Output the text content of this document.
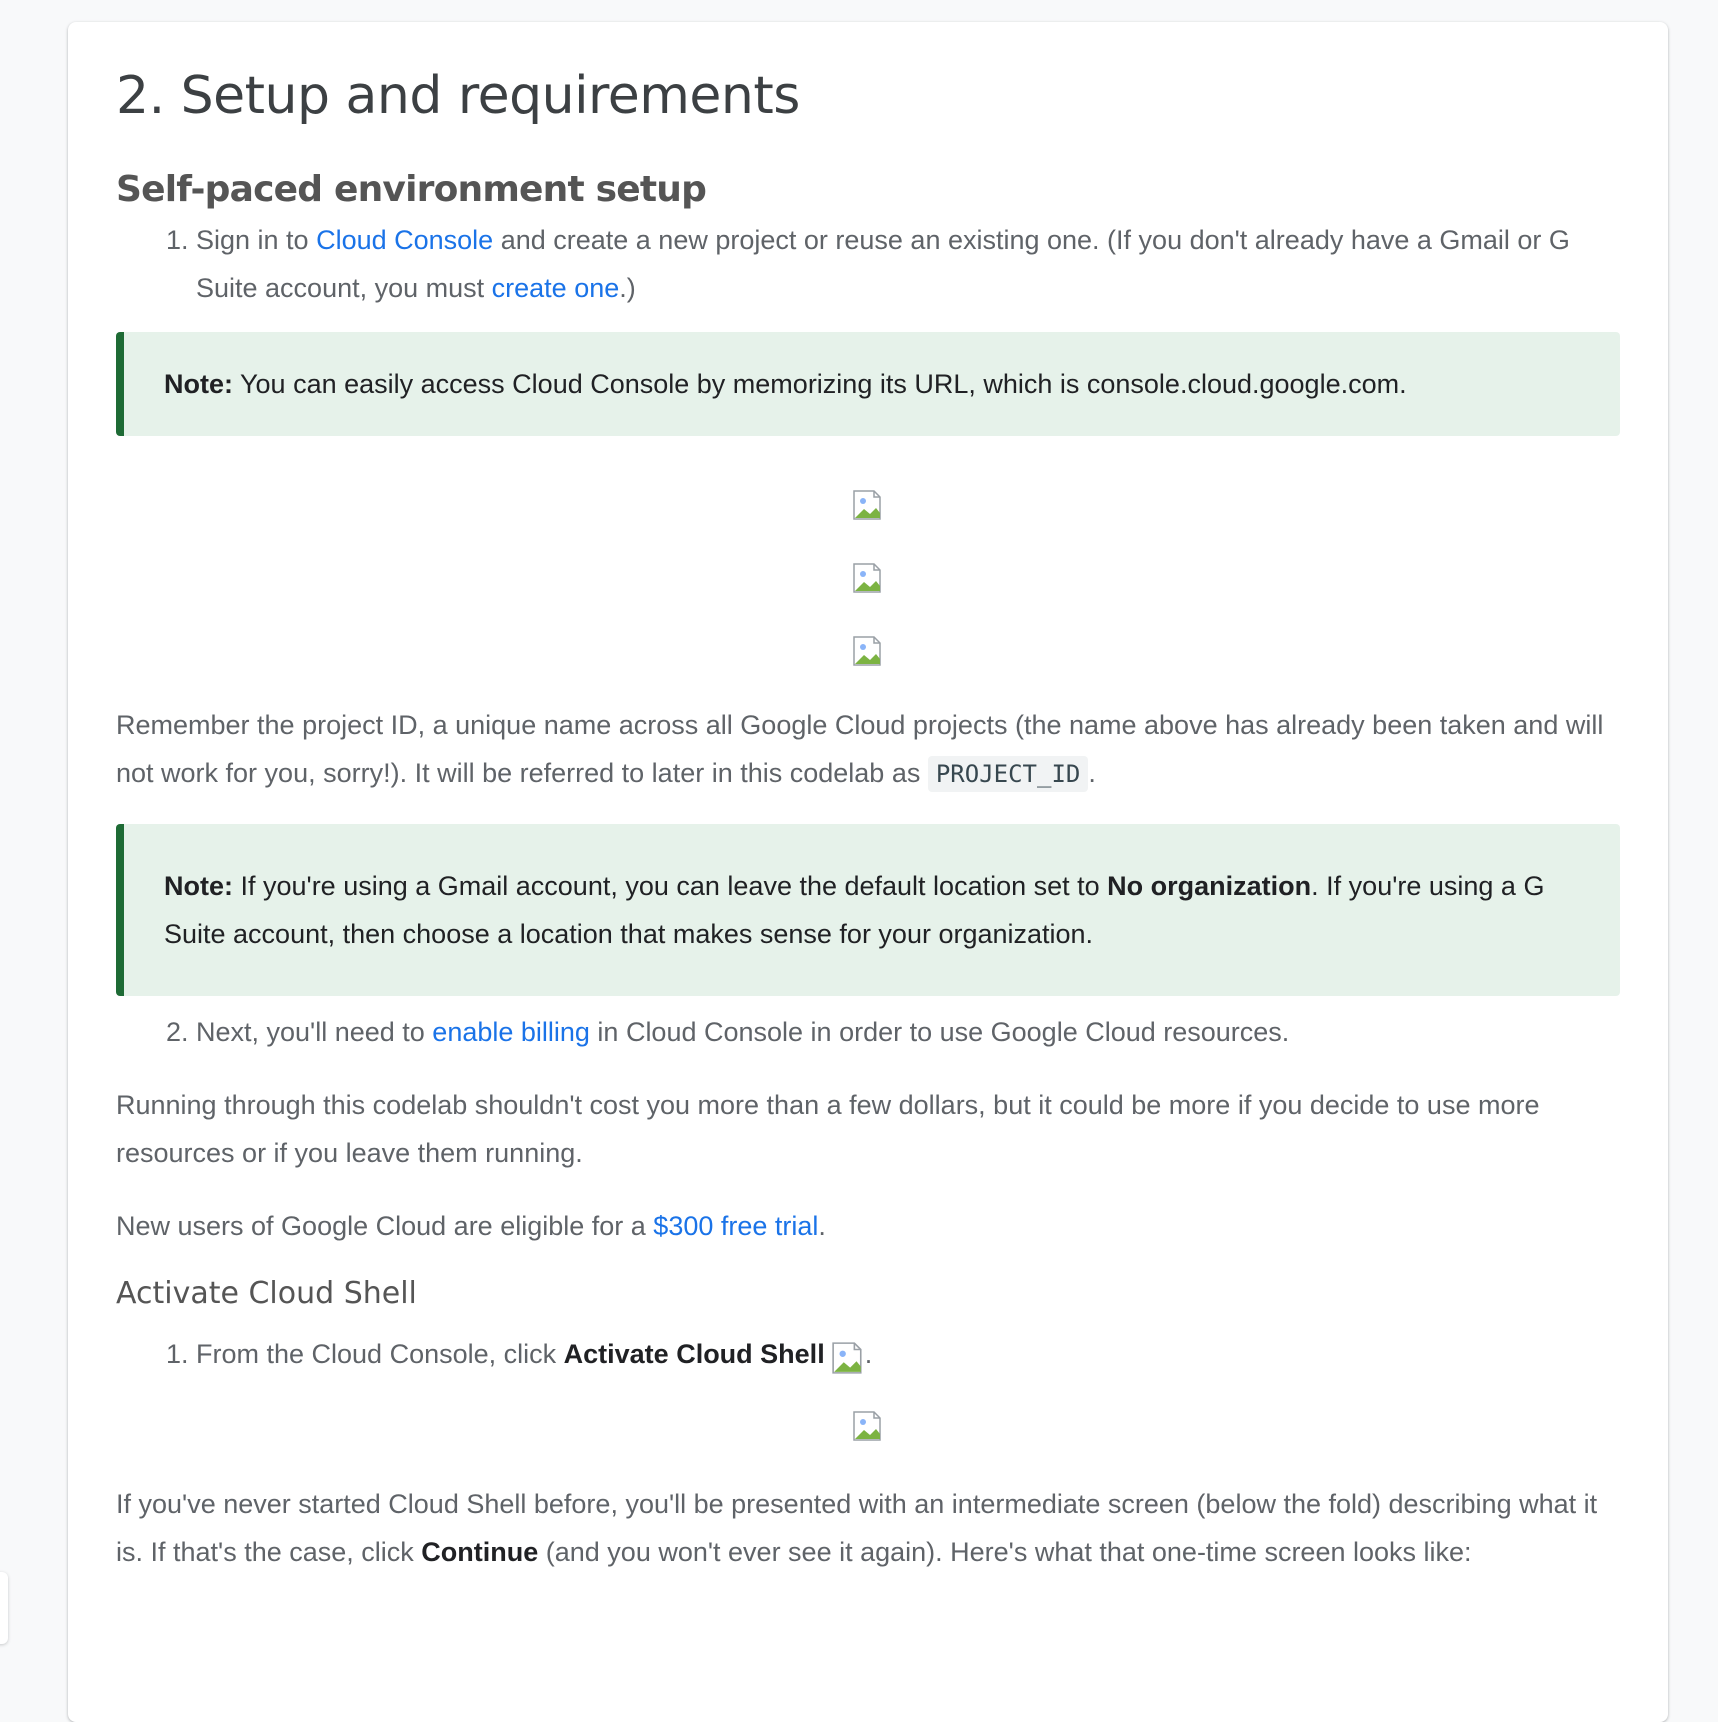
2. Setup and requirements
Self-paced environment setup
1. Sign in to Cloud Console and create a new project or reuse an existing one. (If you don't already have a Gmail or G Suite account, you must create one.)
Note: You can easily access Cloud Console by memorizing its URL, which is console.cloud.google.com.

Remember the project ID, a unique name across all Google Cloud projects (the name above has already been taken and will not work for you, sorry!). It will be referred to later in this codelab as PROJECT_ID .

Note: If you're using a Gmail account, you can leave the default location set to No organization. If you're using a G Suite account, then choose a location that makes sense for your organization.
2. Next, you'll need to enable billing in Cloud Console in order to use Google Cloud resources.

Running through this codelab shouldn't cost you more than a few dollars, but it could be more if you decide to use more resources or if you leave them running.

New users of Google Cloud are eligible for a $300 free trial.

Activate Cloud Shell
1. From the Cloud Console, click Activate Cloud Shell .

If you've never started Cloud Shell before, you'll be presented with an intermediate screen (below the fold) describing what it is. If that's the case, click Continue (and you won't ever see it again). Here's what that one-time screen looks like:
